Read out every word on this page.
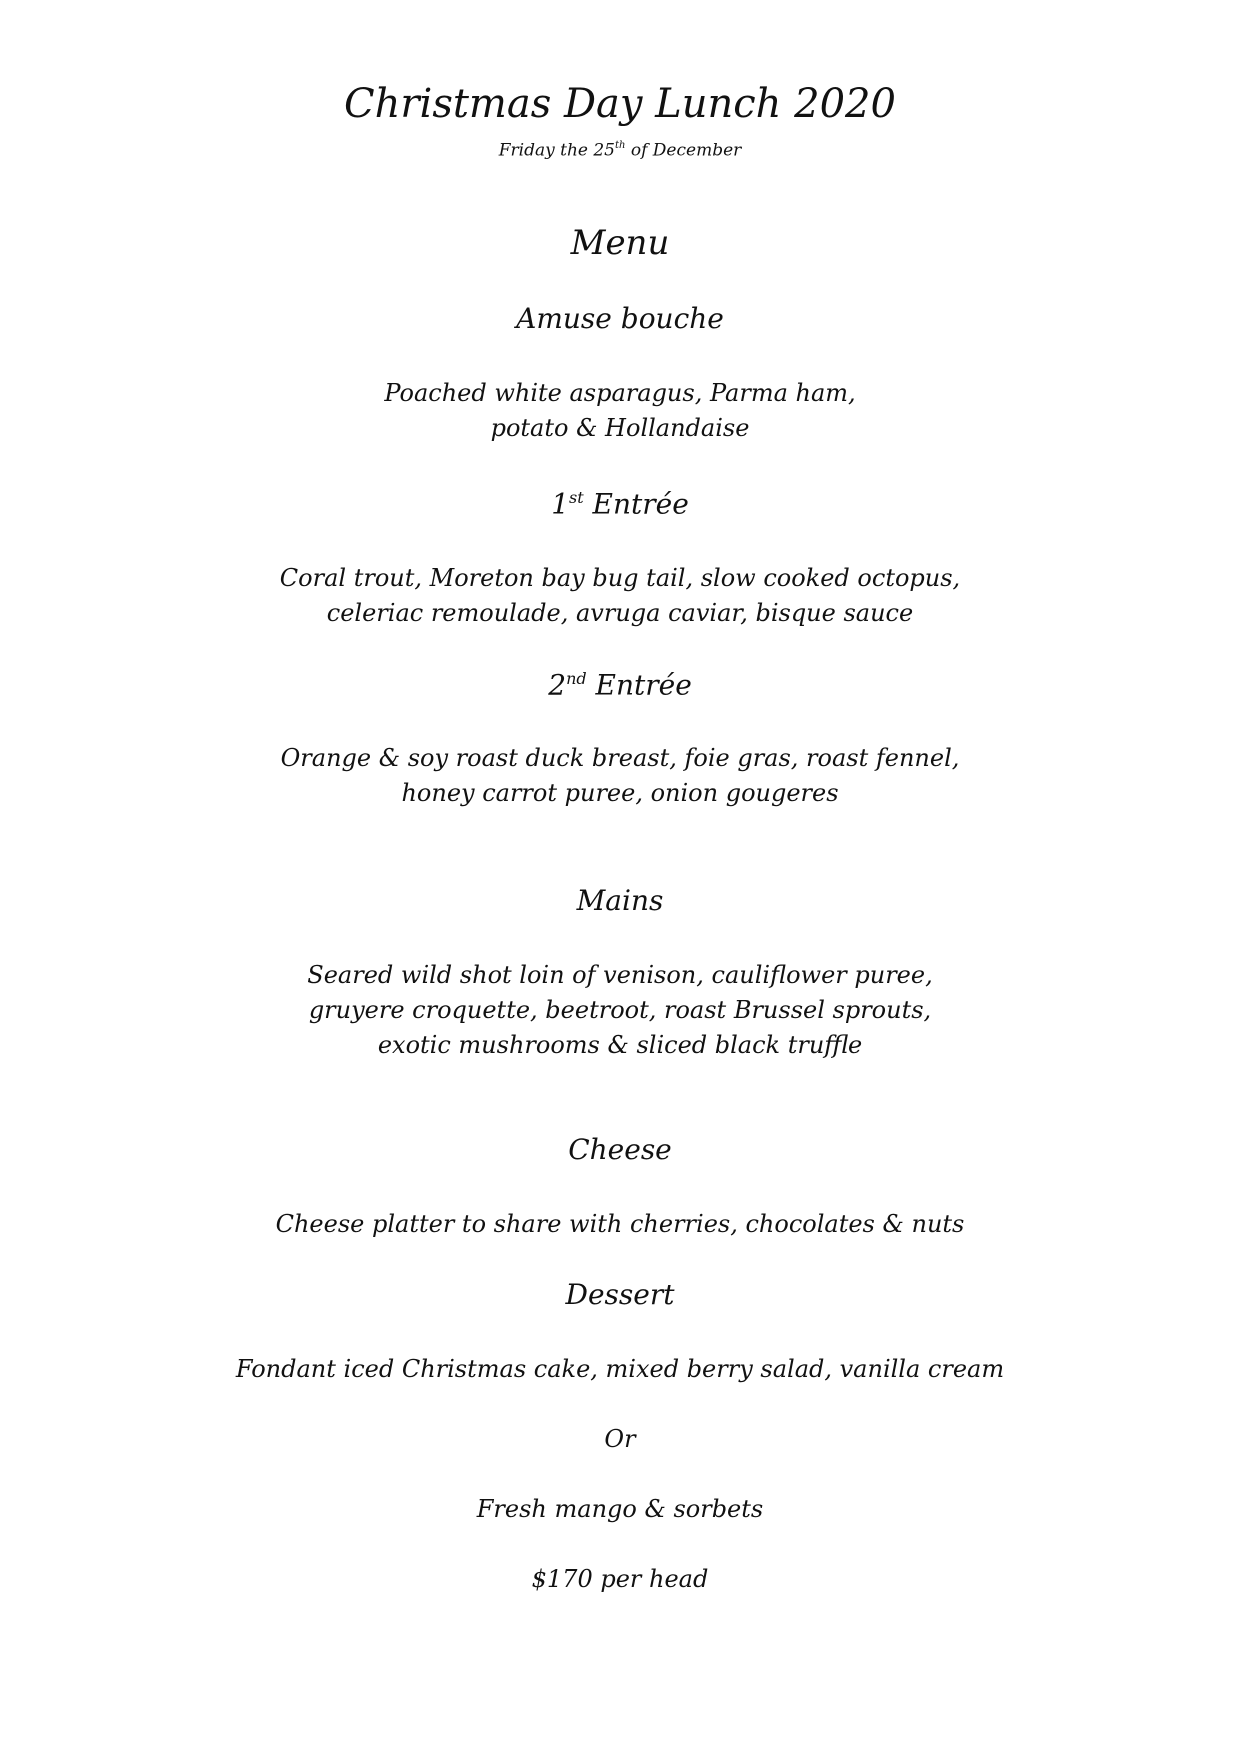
Christmas Day Lunch 2020
Friday the 25th of December
Menu
Amuse bouche
Poached white asparagus, Parma ham,
potato & Hollandaise
1st Entrée
Coral trout, Moreton bay bug tail, slow cooked octopus,
celeriac remoulade, avruga caviar, bisque sauce
2nd Entrée
Orange & soy roast duck breast, foie gras, roast fennel,
honey carrot puree, onion gougeres
Mains
Seared wild shot loin of venison, cauliflower puree,
gruyere croquette, beetroot, roast Brussel sprouts,
exotic mushrooms & sliced black truffle
Cheese
Cheese platter to share with cherries, chocolates & nuts
Dessert
Fondant iced Christmas cake, mixed berry salad, vanilla cream
Or
Fresh mango & sorbets
$170 per head
